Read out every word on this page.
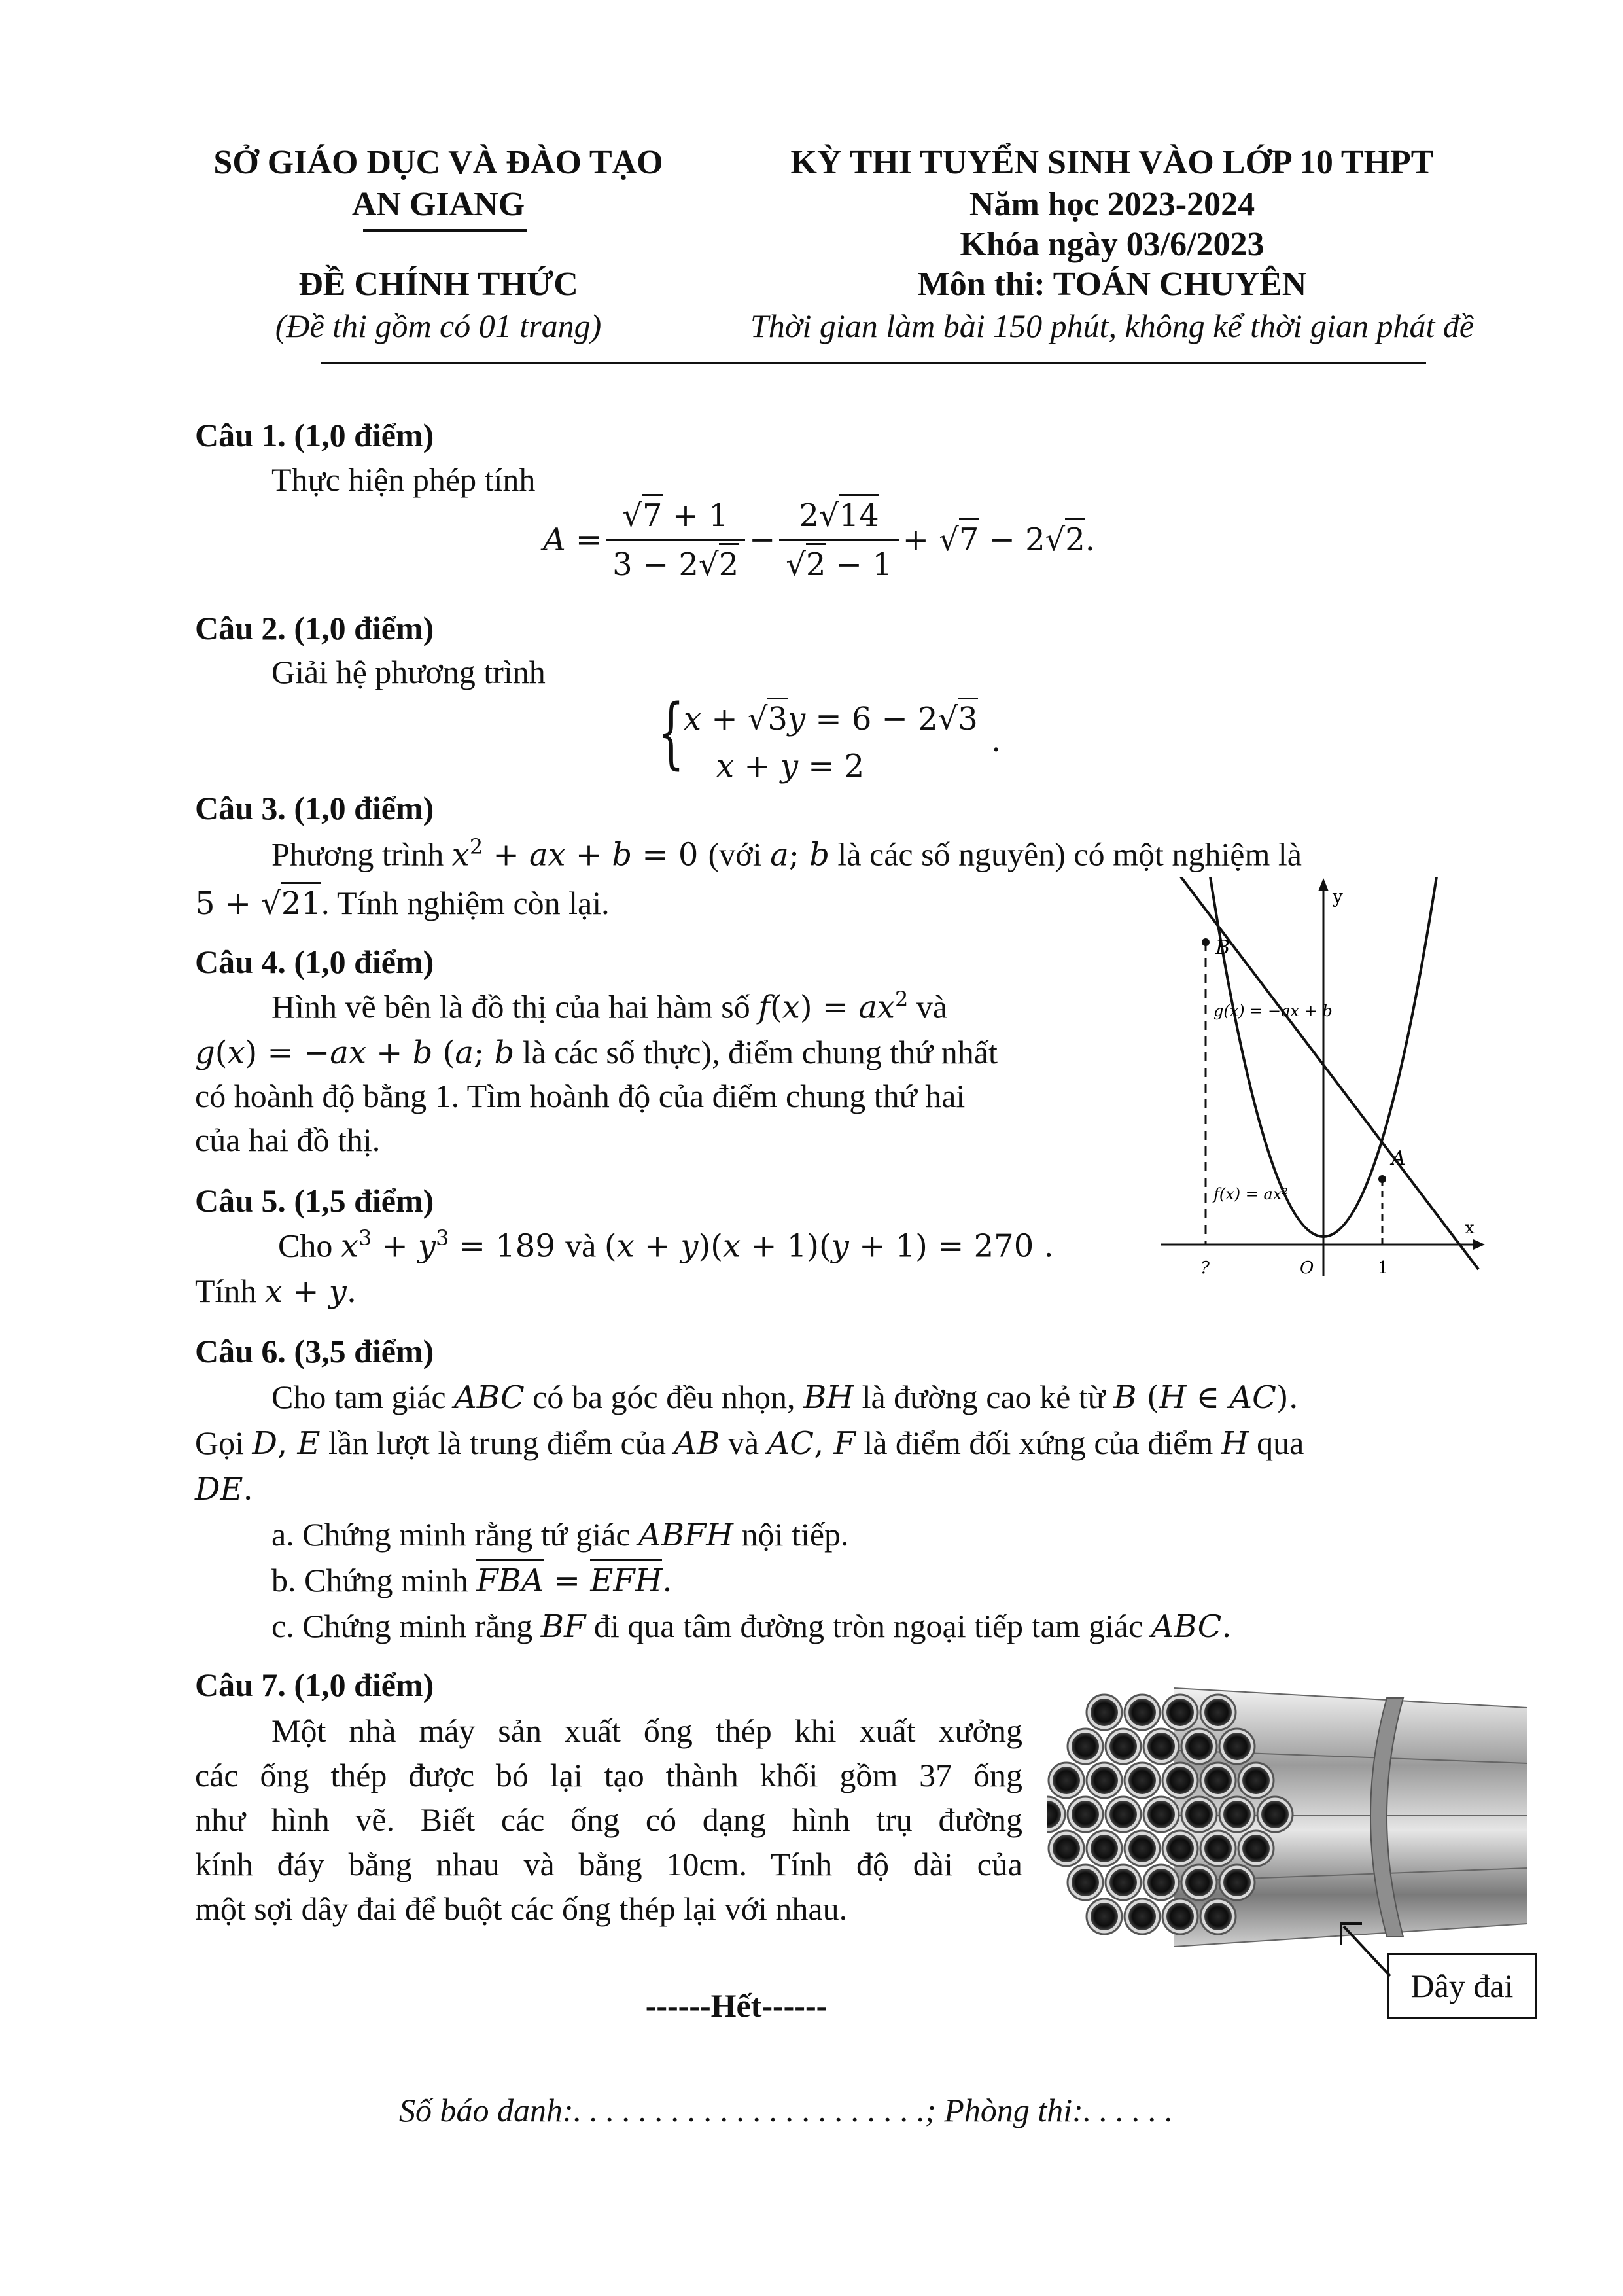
SỞ GIÁO DỤC VÀ ĐÀO TẠO
AN GIANG
ĐỀ CHÍNH THỨC
(Đề thi gồm có 01 trang)
KỲ THI TUYỂN SINH VÀO LỚP 10 THPT
Năm học 2023-2024
Khóa ngày 03/6/2023
Môn thi: TOÁN CHUYÊN
Thời gian làm bài 150 phút, không kể thời gian phát đề
Câu 1. (1,0 điểm)
Thực hiện phép tính
$A = \frac{√7 + 1}{3 - 2√2} - \frac{2√14}{√2 - 1} + √7 - 2√2$.
Câu 2. (1,0 điểm)
Giải hệ phương trình
{
x + √3y = 6 − 2√3
x + y = 2
.
Câu 3. (1,0 điểm)
Phương trình $x^2$ + ax + b = 0 (với a; b là các số nguyên) có một nghiệm là
5 + √21. Tính nghiệm còn lại.
Câu 4. (1,0 điểm)
Hình vẽ bên là đồ thị của hai hàm số $f(x) = ax^2$ và
g(x) = −ax + b (a; b là các số thực), điểm chung thứ nhất
có hoành độ bằng 1. Tìm hoành độ của điểm chung thứ hai
của hai đồ thị.
B
A
y
x
g(x) = −ax + b
f(x) = ax²
?	O	1
Câu 5. (1,5 điểm)
Cho $x^3 + y^3 = 189$ và (x + y)(x + 1)(y + 1) = 270 .
Tính x + y.
Câu 6. (3,5 điểm)
Cho tam giác ABC có ba góc đều nhọn, BH là đường cao kẻ từ B (H ∈ AC).
Gọi D, E lần lượt là trung điểm của AB và AC, F là điểm đối xứng của điểm H qua
DE.
a. Chứng minh rằng tứ giác ABFH nội tiếp.
b. Chứng minh FBA = EFH.
c. Chứng minh rằng BF đi qua tâm đường tròn ngoại tiếp tam giác ABC.
Câu 7. (1,0 điểm)
Một nhà máy sản xuất ống thép khi xuất xưởng
các ống thép được bó lại tạo thành khối gồm 37 ống
như hình vẽ. Biết các ống có dạng hình trụ đường
kính đáy bằng nhau và bằng 10cm. Tính độ dài của
một sợi dây đai để buột các ống thép lại với nhau.
Dây đai
------Hết------
Số báo danh:. . . . . . . . . . . . . . . . . . . . . .; Phòng thi:. . . . . .
